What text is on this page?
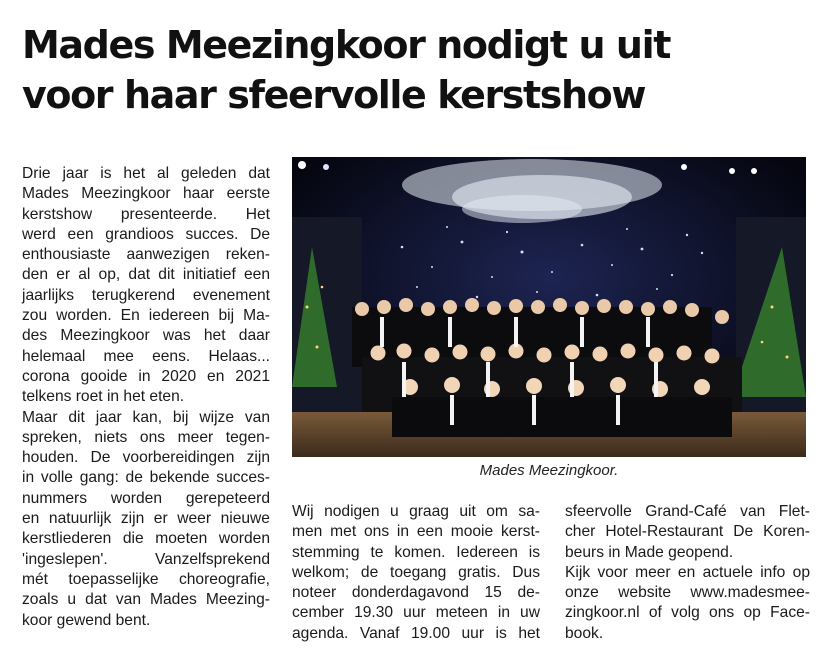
Mades Meezingkoor nodigt u uit
voor haar sfeervolle kerstshow
Drie jaar is het al geleden dat
Mades Meezingkoor haar eerste
kerstshow presenteerde. Het
werd een grandioos succes. De
enthousiaste aanwezigen reken-
den er al op, dat dit initiatief een
jaarlijks terugkerend evenement
zou worden. En iedereen bij Ma-
des Meezingkoor was het daar
helemaal mee eens. Helaas...
corona gooide in 2020 en 2021
telkens roet in het eten.
Maar dit jaar kan, bij wijze van
spreken, niets ons meer tegen-
houden. De voorbereidingen zijn
in volle gang: de bekende succes-
nummers worden gerepeteerd
en natuurlijk zijn er weer nieuwe
kerstliederen die moeten worden
'ingeslepen'. Vanzelfsprekend
mét toepasselijke choreografie,
zoals u dat van Mades Meezing-
koor gewend bent.
Mades Meezingkoor.
Wij nodigen u graag uit om sa-
men met ons in een mooie kerst-
stemming te komen. Iedereen is
welkom; de toegang gratis. Dus
noteer donderdagavond 15 de-
cember 19.30 uur meteen in uw
agenda. Vanaf 19.00 uur is het
sfeervolle Grand-Café van Flet-
cher Hotel-Restaurant De Koren-
beurs in Made geopend.
Kijk voor meer en actuele info op
onze website www.madesmee-
zingkoor.nl of volg ons op Face-
book.
